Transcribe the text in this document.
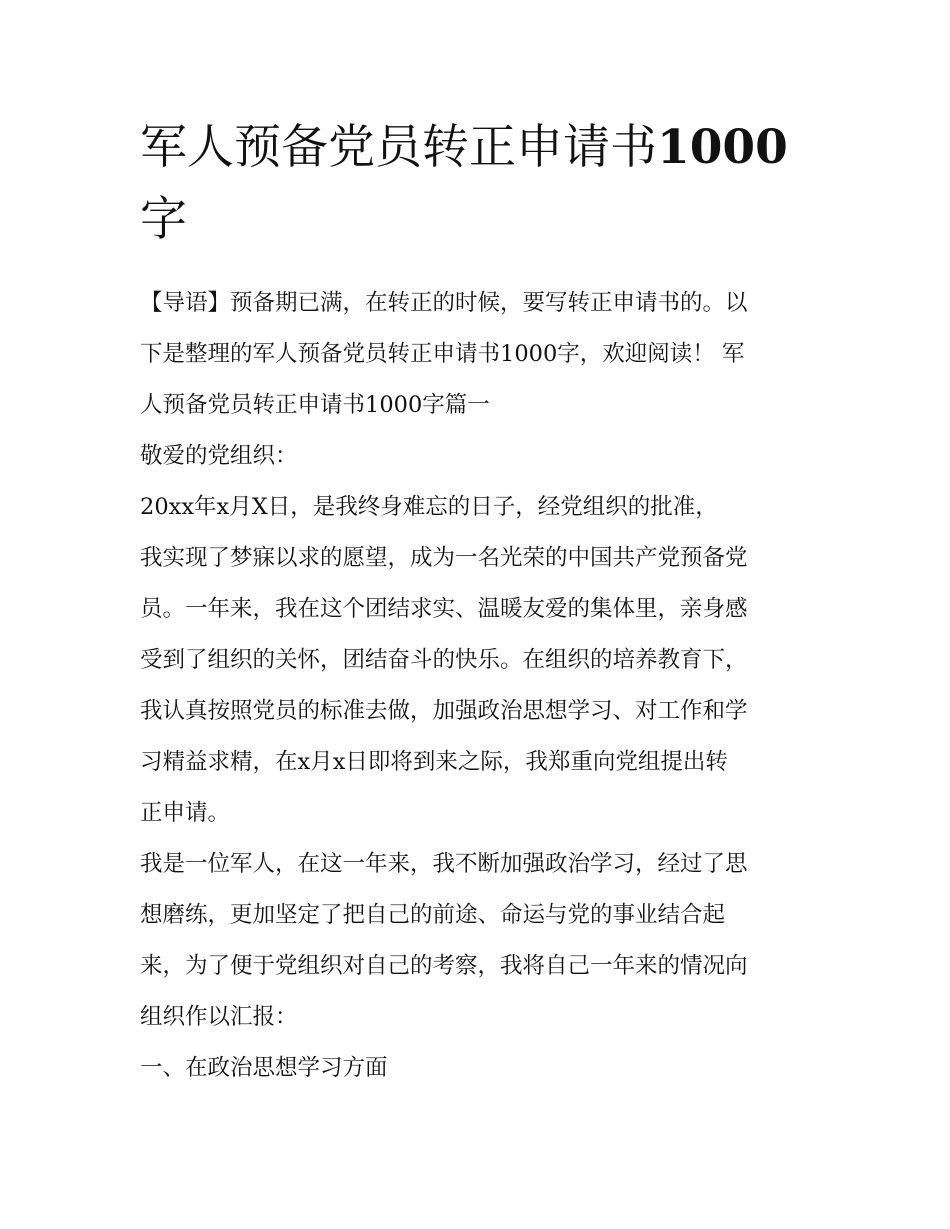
军人预备党员转正申请书1000
字

【导语】预备期已满，在转正的时候，要写转正申请书的。以

下是整理的军人预备党员转正申请书1000字，欢迎阅读！ 军

人预备党员转正申请书1000字篇一

敬爱的党组织：

20xx年x月X日，是我终身难忘的日子，经党组织的批准，

我实现了梦寐以求的愿望，成为一名光荣的中国共产党预备党

员。一年来，我在这个团结求实、温暖友爱的集体里，亲身感

受到了组织的关怀，团结奋斗的快乐。在组织的培养教育下，

我认真按照党员的标准去做，加强政治思想学习、对工作和学

习精益求精，在x月x日即将到来之际，我郑重向党组提出转

正申请。

我是一位军人，在这一年来，我不断加强政治学习，经过了思

想磨练，更加坚定了把自己的前途、命运与党的事业结合起

来，为了便于党组织对自己的考察，我将自己一年来的情况向

组织作以汇报：

一、在政治思想学习方面
